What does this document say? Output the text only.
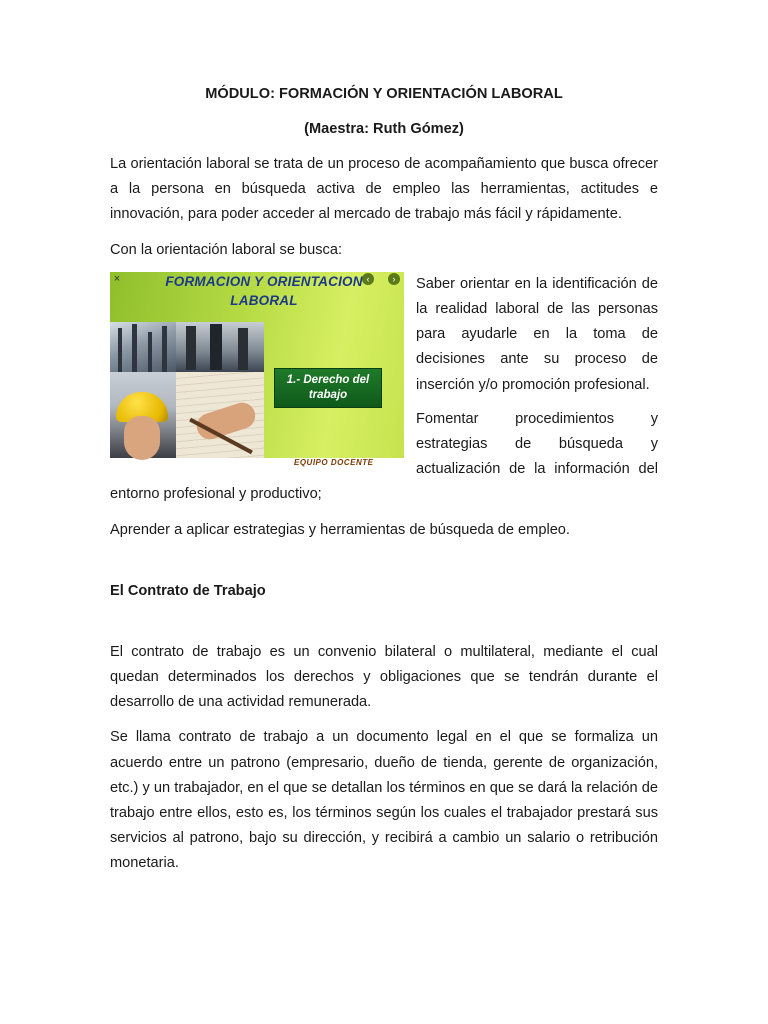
MÓDULO: FORMACIÓN Y ORIENTACIÓN LABORAL
(Maestra: Ruth Gómez)

La orientación laboral se trata de un proceso de acompañamiento que busca ofrecer a la persona en búsqueda activa de empleo las herramientas, actitudes e innovación, para poder acceder al mercado de trabajo más fácil y rápidamente.

Con la orientación laboral se busca:

×	‹	›
FORMACION Y ORIENTACION
LABORAL
1.- Derecho del
trabajo
EQUIPO DOCENTE

Saber orientar en la identificación de la realidad laboral de las personas para ayudarle en la toma de decisiones ante su proceso de inserción y/o promoción profesional.

Fomentar procedimientos y estrategias de búsqueda y actualización de la información del entorno profesional y productivo;

Aprender a aplicar estrategias y herramientas de búsqueda de empleo.

El Contrato de Trabajo

El contrato de trabajo es un convenio bilateral o multilateral, mediante el cual quedan determinados los derechos y obligaciones que se tendrán durante el desarrollo de una actividad remunerada.

Se llama contrato de trabajo a un documento legal en el que se formaliza un acuerdo entre un patrono (empresario, dueño de tienda, gerente de organización, etc.) y un trabajador, en el que se detallan los términos en que se dará la relación de trabajo entre ellos, esto es, los términos según los cuales el trabajador prestará sus servicios al patrono, bajo su dirección, y recibirá a cambio un salario o retribución monetaria.
